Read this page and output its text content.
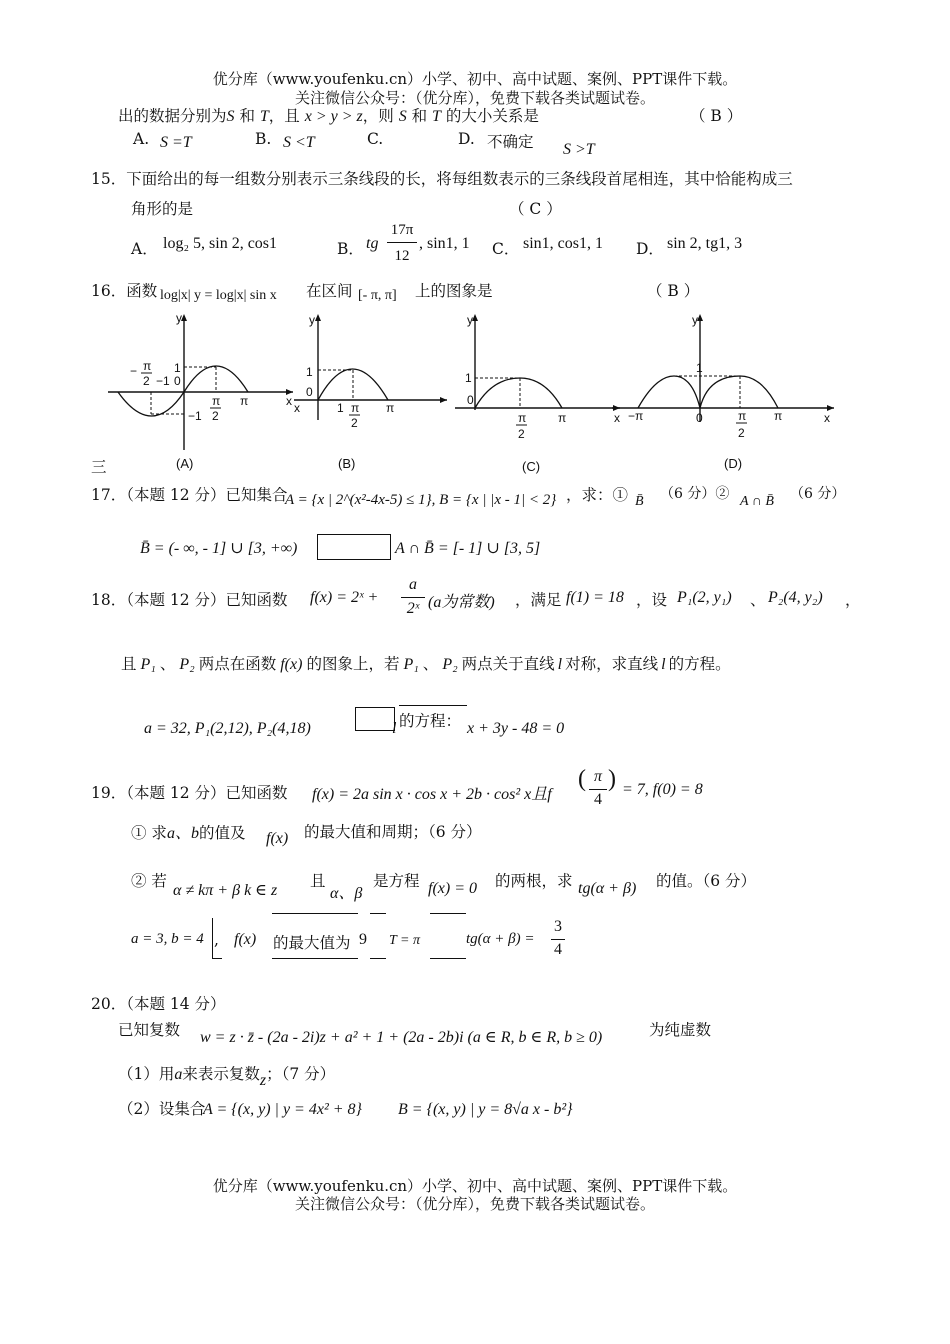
优分库（www.youfenku.cn）小学、初中、高中试题、案例、PPT课件下载。
关注微信公众号：（优分库），免费下载各类试题试卷。
出的数据分别为S 和 T，且 x > y > z，则 S 和 T 的大小关系是	（ B ）
A. S =T	B. S <T	C.
S >T
D. 不确定
15．下面给出的每一组数分别表示三条线段的长，将每组数表示的三条线段首尾相连，其中恰能构成三
角形的是	（ C ）
A． log₂ 5, sin 2, cos1	B． tg
17π
12
, sin1, 1 C． sin1, cos1, 1 D． sin 2, tg1, 3
16．函数 log|x| y = log|x| sin x 在区间 [- π, π] 上的图象是	（ B ）
y
x
− π
2 −1 0
1
−1
π
2
π
(A)
y
x
1
0
1 π
2
π
(B)
y
1
0
π
2
π
(C)
y
1
0
x −π	π
2
π	x
(D)
三
17．（本题 12 分）已知集合
A = {x | 2^(x²-4x-5) ≤ 1}, B = {x | |x - 1| < 2} ，求：① B̄ （6 分）② A ∩ B̄ （6 分）
B̄ = (- ∞, - 1] ∪ [3, +∞)	A ∩ B̄ = [- 1] ∪ [3, 5]
18．（本题 12 分）已知函数 f(x) = 2ˣ +
a
2ˣ (a为常数) ，满足 f(1) = 18 ，设 P₁(2, y₁) 、 P₂(4, y₂) ，
且 P₁ 、 P₂ 两点在函数 f(x) 的图象上，若 P₁ 、 P₂ 两点关于直线 l 对称，求直线 l 的方程。
a = 32, P₁(2,12), P₂(4,18)	l 的方程： x + 3y - 48 = 0
19．（本题 12 分）已知函数 f(x) = 2a sin x · cos x + 2b · cos² x且f
( π
4
) = 7, f(0) = 8
① 求a、b的值及 f(x) 的最大值和周期；（6 分）
② 若
α ≠ kπ + β k ∈ z
且
α、β
是方程 f(x) = 0 的两根，求 tg(α + β) 的值。（6 分）
a = 3, b = 4 , f(x) 的最大值为 9 T = π	tg(α + β) =
3
4
20．（本题 14 分）
已知复数 w = z · z̄ - (2a - 2i)z + a² + 1 + (2a - 2b)i (a ∈ R, b ∈ R, b ≥ 0)	为纯虚数
（1）用a来表示复数z；（7 分）
（2）设集合
A = {(x, y) | y = 4x² + 8} B = {(x, y) | y = 8√a x - b²}
优分库（www.youfenku.cn）小学、初中、高中试题、案例、PPT课件下载。
关注微信公众号：（优分库），免费下载各类试题试卷。
